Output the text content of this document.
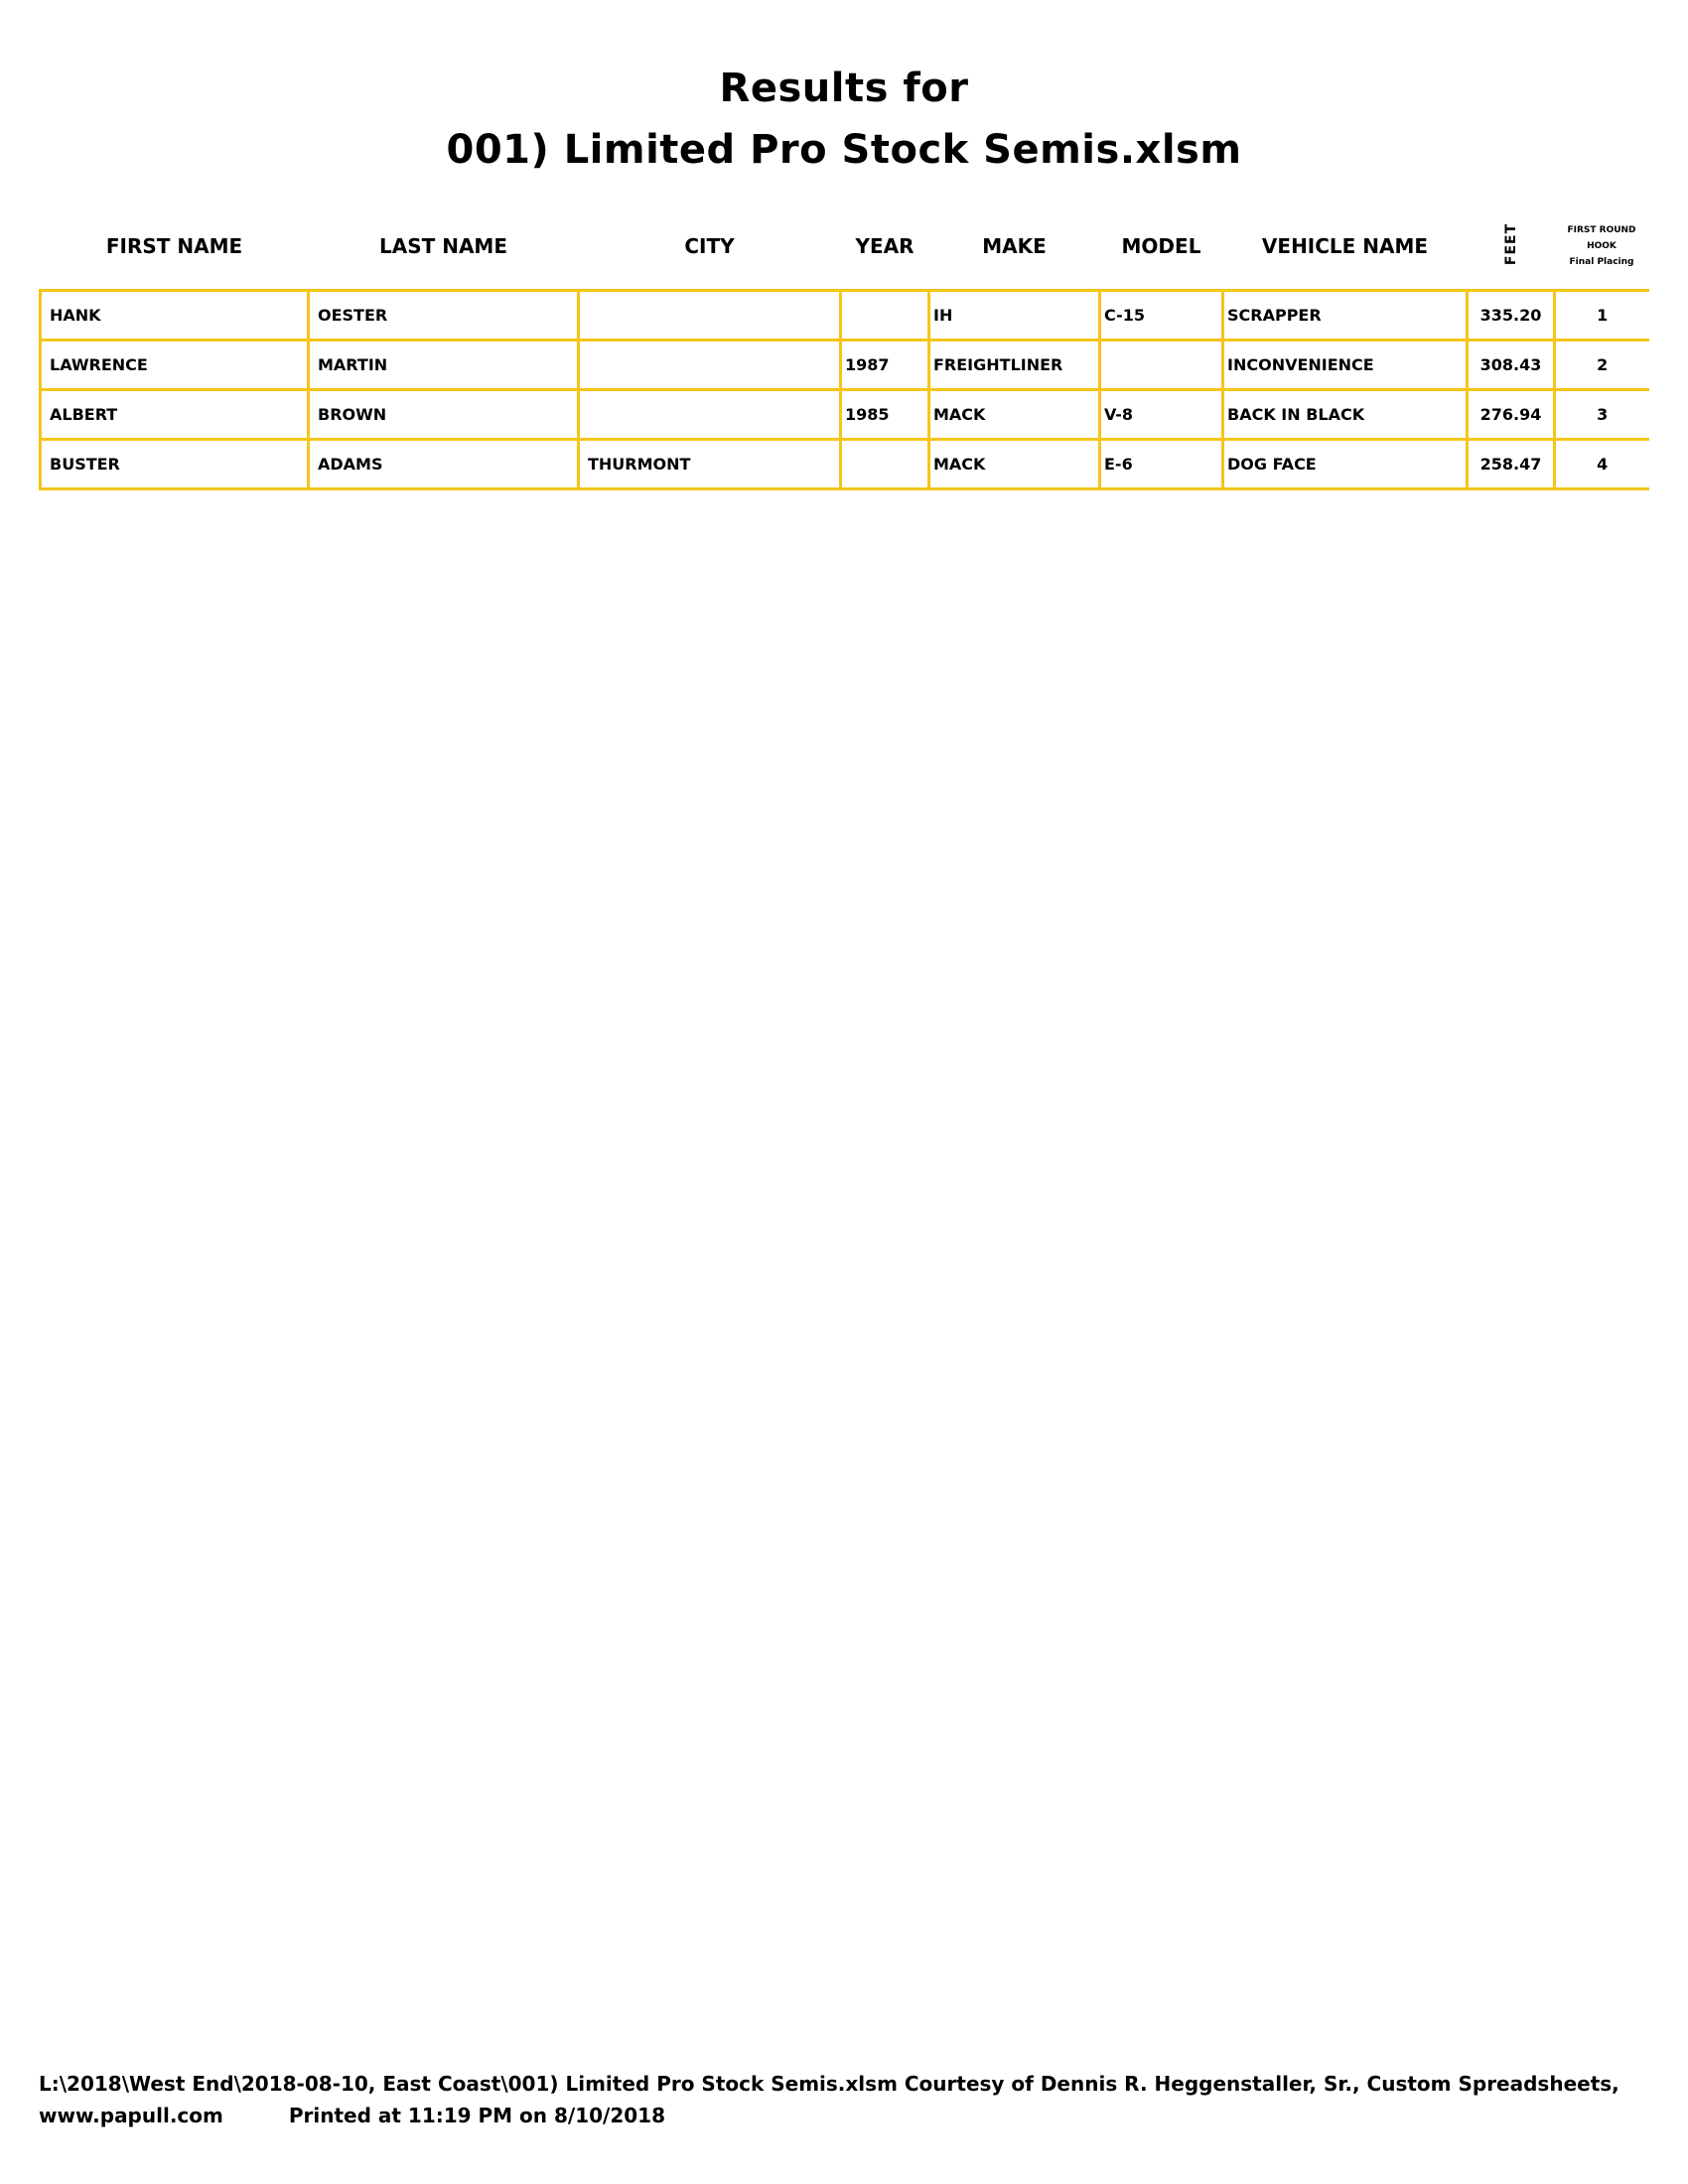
Results for
001) Limited Pro Stock Semis.xlsm
FIRST NAME	LAST NAME	CITY	YEAR	MAKE	MODEL	VEHICLE NAME	FEET	FIRST ROUND
HOOK
Final Placing

HANK	OESTER			IH	C-15	SCRAPPER	335.20	1
LAWRENCE	MARTIN		1987	FREIGHTLINER		INCONVENIENCE	308.43	2
ALBERT	BROWN		1985	MACK	V-8	BACK IN BLACK	276.94	3
BUSTER	ADAMS	THURMONT		MACK	E-6	DOG FACE	258.47	4
L:\2018\West End\2018-08-10, East Coast\001) Limited Pro Stock Semis.xlsm Courtesy of Dennis R. Heggenstaller, Sr., Custom Spreadsheets,
www.papull.com	Printed at 11:19 PM on 8/10/2018
